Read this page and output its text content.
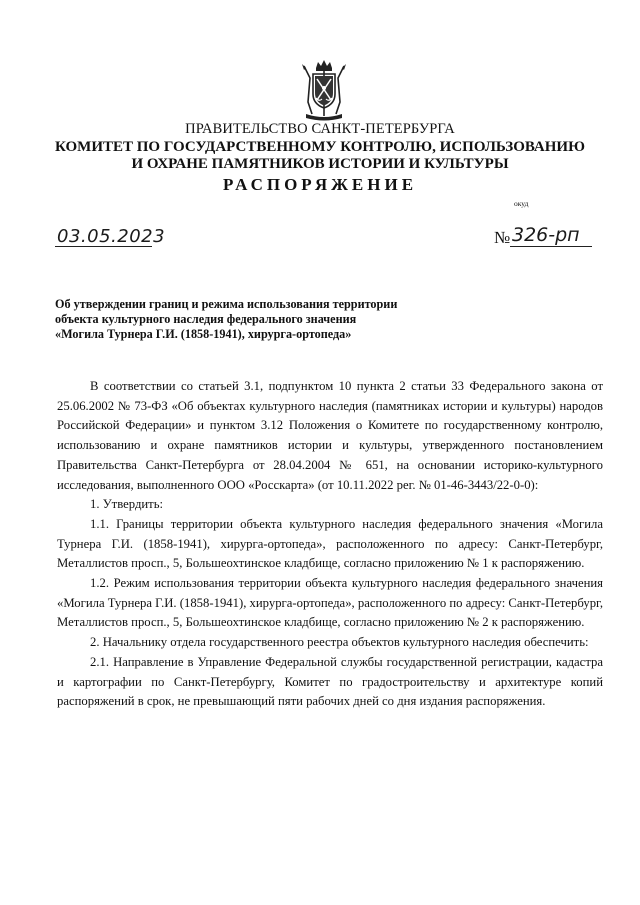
ПРАВИТЕЛЬСТВО САНКТ-ПЕТЕРБУРГА
КОМИТЕТ ПО ГОСУДАРСТВЕННОМУ КОНТРОЛЮ, ИСПОЛЬЗОВАНИЮ
И ОХРАНЕ ПАМЯТНИКОВ ИСТОРИИ И КУЛЬТУРЫ
РАСПОРЯЖЕНИЕ
окуд
03.05.2023	№ 326-рп
Об утверждении границ и режима использования территории
объекта культурного наследия федерального значения
«Могила Турнера Г.И. (1858-1941), хирурга-ортопеда»

В соответствии со статьей 3.1, подпунктом 10 пункта 2 статьи 33 Федерального закона от 25.06.2002 № 73-ФЗ «Об объектах культурного наследия (памятниках истории и культуры) народов Российской Федерации» и пунктом 3.12 Положения о Комитете по государственному контролю, использованию и охране памятников истории и культуры, утвержденного постановлением Правительства Санкт-Петербурга от 28.04.2004 № 651, на основании историко-культурного исследования, выполненного ООО «Росскарта» (от 10.11.2022 рег. № 01-46-3443/22-0-0):

1. Утвердить:

1.1. Границы территории объекта культурного наследия федерального значения «Могила Турнера Г.И. (1858-1941), хирурга-ортопеда», расположенного по адресу: Санкт-Петербург, Металлистов просп., 5, Большеохтинское кладбище, согласно приложению № 1 к распоряжению.

1.2. Режим использования территории объекта культурного наследия федерального значения «Могила Турнера Г.И. (1858-1941), хирурга-ортопеда», расположенного по адресу: Санкт-Петербург, Металлистов просп., 5, Большеохтинское кладбище, согласно приложению № 2 к распоряжению.

2. Начальнику отдела государственного реестра объектов культурного наследия обеспечить:

2.1. Направление в Управление Федеральной службы государственной регистрации, кадастра и картографии по Санкт-Петербургу, Комитет по градостроительству и архитектуре копий распоряжений в срок, не превышающий пяти рабочих дней со дня издания распоряжения.
